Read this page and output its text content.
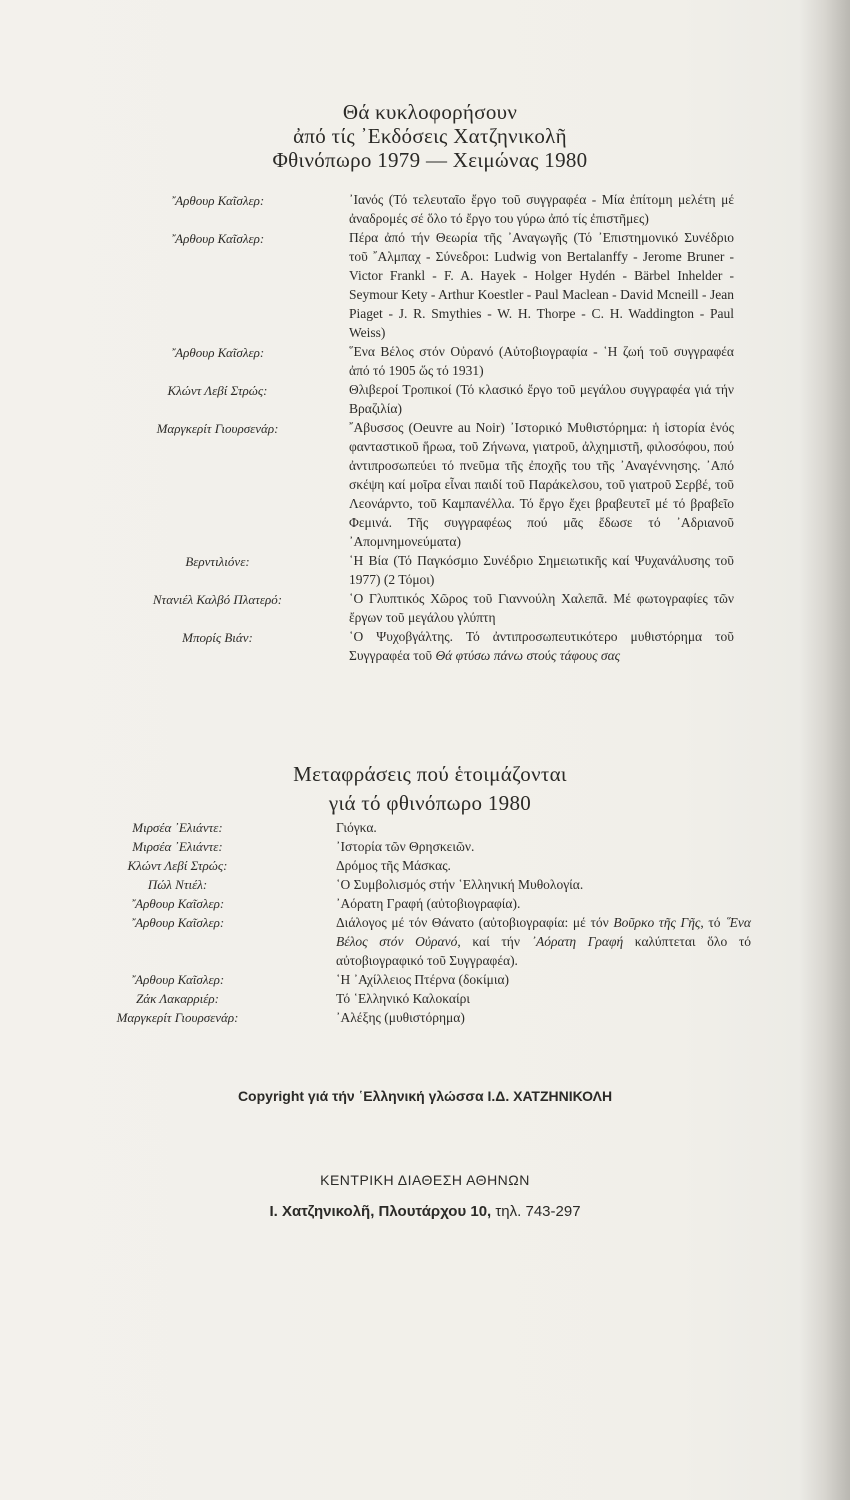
Θά κυκλοφορήσουν
ἀπό τίς ᾿Εκδόσεις Χατζηνικολῆ
Φθινόπωρο 1979 — Χειμώνας 1980
῎Αρθουρ Καῖσλερ:	᾿Ιανός (Τό τελευταῖο ἔργο τοῦ συγγραφέα - Μία ἐπίτομη μελέτη μέ ἀναδρομές σέ ὅλο τό ἔργο του γύρω ἀπό τίς ἐπιστῆμες)
῎Αρθουρ Καῖσλερ:	Πέρα ἀπό τήν Θεωρία τῆς ᾿Αναγωγῆς (Τό ᾿Επιστημονικό Συνέδριο τοῦ ῎Αλμπαχ - Σύνεδροι: Ludwig von Bertalanffy - Jerome Bruner - Victor Frankl - F. A. Hayek - Holger Hydén - Bärbel Inhelder - Seymour Kety - Arthur Koestler - Paul Maclean - David Mcneill - Jean Piaget - J. R. Smythies - W. H. Thorpe - C. H. Waddington - Paul Weiss)
῎Αρθουρ Καῖσλερ:	῞Ενα Βέλος στόν Οὐρανό (Αὐτοβιογραφία - ῾Η ζωή τοῦ συγγραφέα ἀπό τό 1905 ὥς τό 1931)
Κλώντ Λεβί Στρώς:	Θλιβεροί Τροπικοί (Τό κλασικό ἔργο τοῦ μεγάλου συγγραφέα γιά τήν Βραζιλία)
Μαργκερίτ Γιουρσενάρ:	῎Αβυσσος (Oeuvre au Noir) ᾿Ιστορικό Μυθιστόρημα: ἡ ἱστορία ἑνός φανταστικοῦ ἥρωα, τοῦ Ζήνωνα, γιατροῦ, ἀλχημιστῆ, φιλοσόφου, πού ἀντιπροσωπεύει τό πνεῦμα τῆς ἐποχῆς του τῆς ᾿Αναγέννησης. ᾿Από σκέψη καί μοῖρα εἶναι παιδί τοῦ Παράκελσου, τοῦ γιατροῦ Σερβέ, τοῦ Λεονάρντο, τοῦ Καμπανέλλα. Τό ἔργο ἔχει βραβευτεῖ μέ τό βραβεῖο Φεμινά. Τῆς συγγραφέως πού μᾶς ἔδωσε τό ᾿Αδριανοῦ ᾿Απομνημονεύματα)
Βερντιλιόνε:	῾Η Βία (Τό Παγκόσμιο Συνέδριο Σημειωτικῆς καί Ψυχανάλυσης τοῦ 1977) (2 Τόμοι)
Ντανιέλ Καλβό Πλατερό:	῾Ο Γλυπτικός Χῶρος τοῦ Γιαννούλη Χαλεπᾶ. Μέ φωτογραφίες τῶν ἔργων τοῦ μεγάλου γλύπτη
Μπορίς Βιάν:	῾Ο Ψυχοβγάλτης. Τό ἀντιπροσωπευτικότερο μυθιστόρημα τοῦ Συγγραφέα τοῦ Θά φτύσω πάνω στούς τάφους σας
Μεταφράσεις πού ἑτοιμάζονται
γιά τό φθινόπωρο 1980
Μιρσέα ᾿Ελιάντε:	Γιόγκα.
Μιρσέα ᾿Ελιάντε:	᾿Ιστορία τῶν Θρησκειῶν.
Κλώντ Λεβί Στρώς:	Δρόμος τῆς Μάσκας.
Πώλ Ντιέλ:	῾Ο Συμβολισμός στήν ῾Ελληνική Μυθολογία.
῎Αρθουρ Καῖσλερ:	᾿Αόρατη Γραφή (αὐτοβιογραφία).
῎Αρθουρ Καῖσλερ:	Διάλογος μέ τόν Θάνατο (αὐτοβιογραφία: μέ τόν Βοῦρκο τῆς Γῆς, τό ῞Ενα Βέλος στόν Οὐρανό, καί τήν ᾿Αόρατη Γραφή καλύπτεται ὅλο τό αὐτοβιογραφικό τοῦ Συγγραφέα).
῎Αρθουρ Καῖσλερ:	῾Η ᾿Αχίλλειος Πτέρνα (δοκίμια)
Ζάκ Λακαρριέρ:	Τό ῾Ελληνικό Καλοκαίρι
Μαργκερίτ Γιουρσενάρ:	᾿Αλέξης (μυθιστόρημα)
Copyright γιά τήν ῾Ελληνική γλώσσα Ι.Δ. ΧΑΤΖΗΝΙΚΟΛΗ
ΚΕΝΤΡΙΚΗ ΔΙΑΘΕΣΗ ΑΘΗΝΩΝ
Ι. Χατζηνικολῆ, Πλουτάρχου 10, τηλ. 743-297
